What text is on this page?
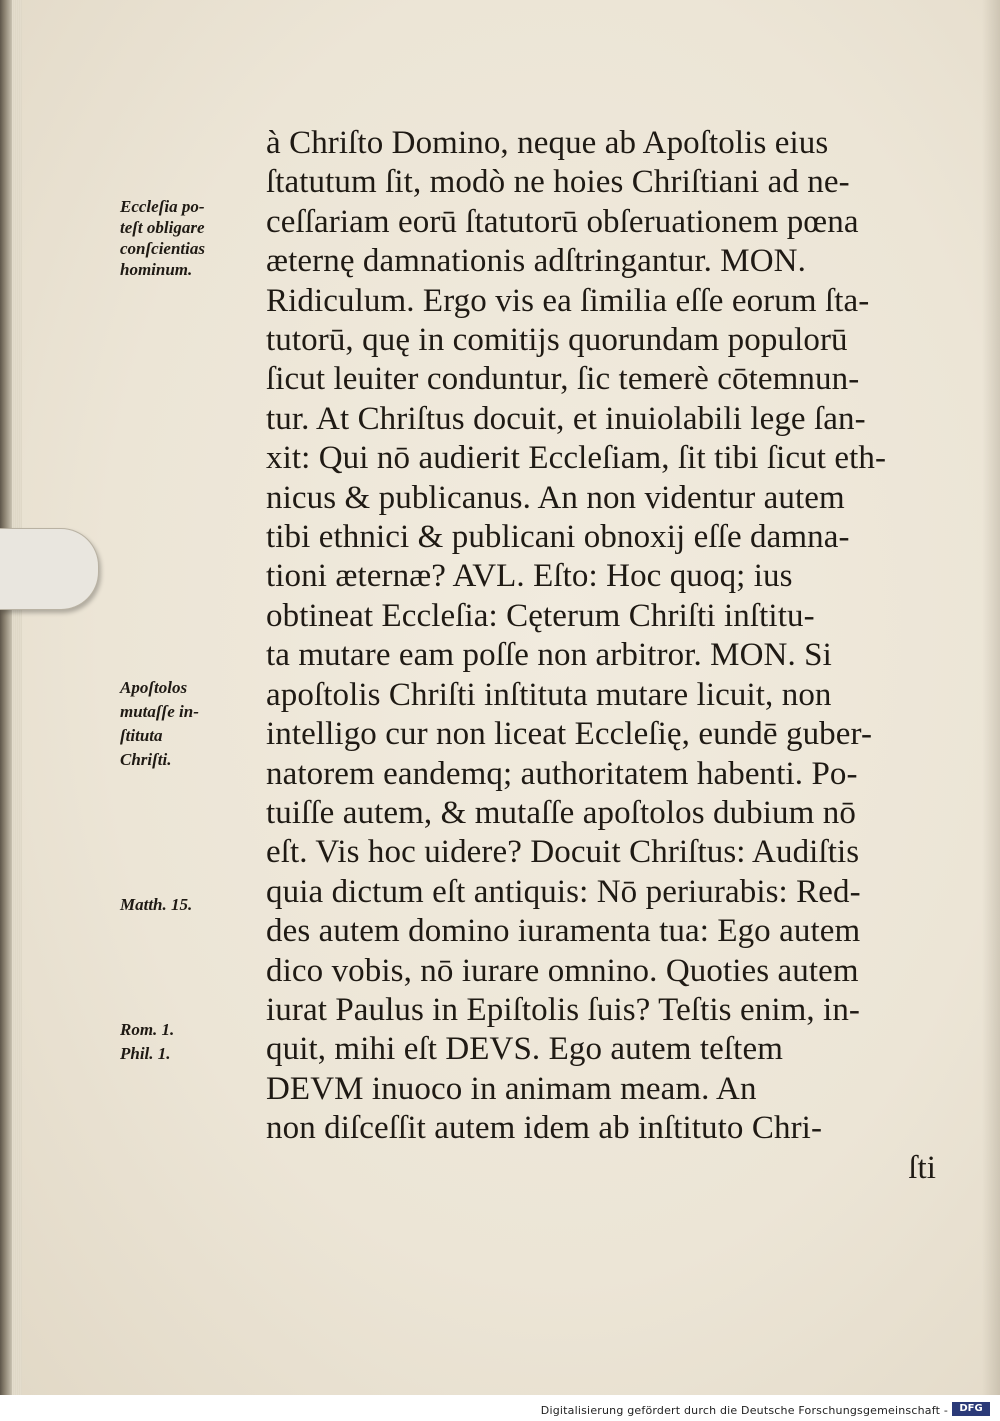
à Chriſto Domino, neque ab Apoſtolis eius
ſtatutum ſit, modò ne hoies Chriſtiani ad ne-
ceſſariam eorū ſtatutorū obſeruationem pœna
æternę damnationis adſtringantur. MON.
Ridiculum. Ergo vis ea ſimilia eſſe eorum ſta-
tutorū, quę in comitijs quorundam populorū
ſicut leuiter conduntur, ſic temerè cōtemnun-
tur. At Chriſtus docuit, et inuiolabili lege ſan-
xit: Qui nō audierit Eccleſiam, ſit tibi ſicut eth-
nicus & publicanus. An non videntur autem
tibi ethnici & publicani obnoxij eſſe damna-
tioni æternæ? AVL. Eſto: Hoc quoq; ius
obtineat Eccleſia: Cęterum Chriſti inſtitu-
ta mutare eam poſſe non arbitror. MON. Si
apoſtolis Chriſti inſtituta mutare licuit, non
intelligo cur non liceat Eccleſię, eundē guber-
natorem eandemq; authoritatem habenti. Po-
tuiſſe autem, & mutaſſe apoſtolos dubium nō
eſt. Vis hoc uidere? Docuit Chriſtus: Audiſtis
quia dictum eſt antiquis: Nō periurabis: Red-
des autem domino iuramenta tua: Ego autem
dico vobis, nō iurare omnino. Quoties autem
iurat Paulus in Epiſtolis ſuis? Teſtis enim, in-
quit, mihi eſt DEVS. Ego autem teſtem
DEVM inuoco in animam meam. An
non diſceſſit autem idem ab inſtituto Chri-
ſti
Eccleſia po-
teſt obligare
conſcientias
hominum.
Apoſtolos
mutaſſe in-
ſtituta
Chriſti.
Matth. 15.
Rom. 1.
Phil. 1.
Digitalisierung gefördert durch die Deutsche Forschungsgemeinschaft -	DFG
